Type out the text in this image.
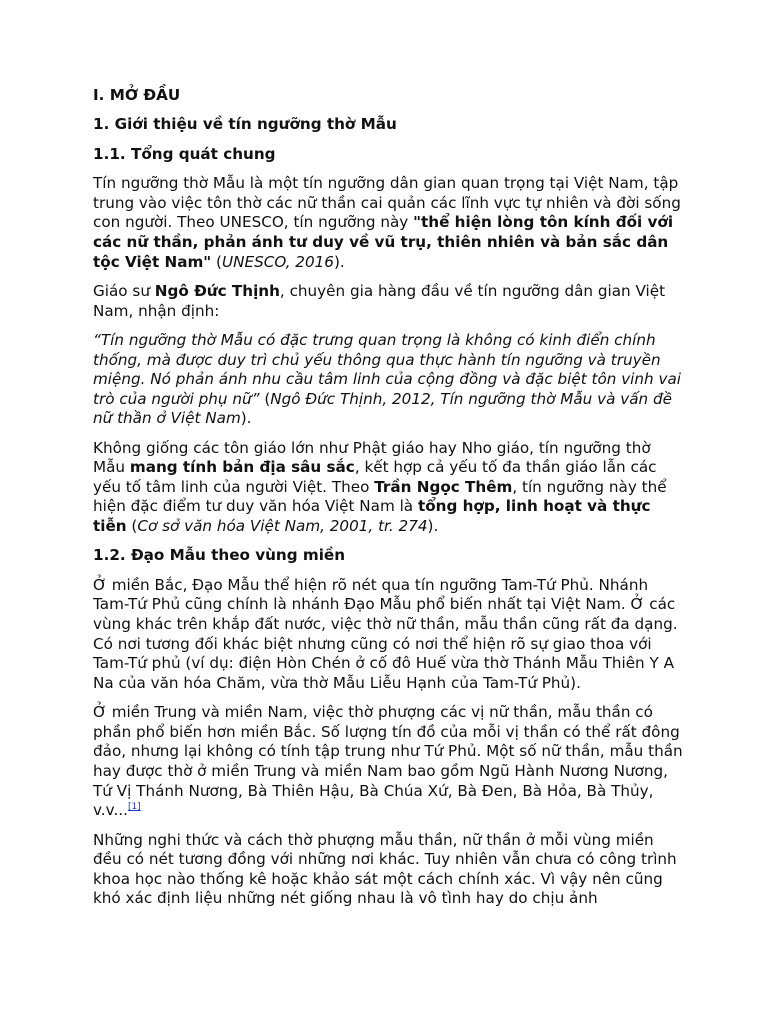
I. MỞ ĐẦU
1. Giới thiệu về tín ngưỡng thờ Mẫu
1.1. Tổng quát chung

Tín ngưỡng thờ Mẫu là một tín ngưỡng dân gian quan trọng tại Việt Nam, tập trung vào việc tôn thờ các nữ thần cai quản các lĩnh vực tự nhiên và đời sống con người. Theo UNESCO, tín ngưỡng này "thể hiện lòng tôn kính đối với các nữ thần, phản ánh tư duy về vũ trụ, thiên nhiên và bản sắc dân tộc Việt Nam" (UNESCO, 2016).

Giáo sư Ngô Đức Thịnh, chuyên gia hàng đầu về tín ngưỡng dân gian Việt Nam, nhận định:

“Tín ngưỡng thờ Mẫu có đặc trưng quan trọng là không có kinh điển chính thống, mà được duy trì chủ yếu thông qua thực hành tín ngưỡng và truyền miệng. Nó phản ánh nhu cầu tâm linh của cộng đồng và đặc biệt tôn vinh vai trò của người phụ nữ” (Ngô Đức Thịnh, 2012, Tín ngưỡng thờ Mẫu và vấn đề nữ thần ở Việt Nam).

Không giống các tôn giáo lớn như Phật giáo hay Nho giáo, tín ngưỡng thờ Mẫu mang tính bản địa sâu sắc, kết hợp cả yếu tố đa thần giáo lẫn các yếu tố tâm linh của người Việt. Theo Trần Ngọc Thêm, tín ngưỡng này thể hiện đặc điểm tư duy văn hóa Việt Nam là tổng hợp, linh hoạt và thực tiễn (Cơ sở văn hóa Việt Nam, 2001, tr. 274).

1.2. Đạo Mẫu theo vùng miền

Ở miền Bắc, Đạo Mẫu thể hiện rõ nét qua tín ngưỡng Tam-Tứ Phủ. Nhánh Tam-Tứ Phủ cũng chính là nhánh Đạo Mẫu phổ biến nhất tại Việt Nam. Ở các vùng khác trên khắp đất nước, việc thờ nữ thần, mẫu thần cũng rất đa dạng. Có nơi tương đối khác biệt nhưng cũng có nơi thể hiện rõ sự giao thoa với Tam-Tứ phủ (ví dụ: điện Hòn Chén ở cố đô Huế vừa thờ Thánh Mẫu Thiên Y A Na của văn hóa Chăm, vừa thờ Mẫu Liễu Hạnh của Tam-Tứ Phủ).

Ở miền Trung và miền Nam, việc thờ phượng các vị nữ thần, mẫu thần có phần phổ biến hơn miền Bắc. Số lượng tín đồ của mỗi vị thần có thể rất đông đảo, nhưng lại không có tính tập trung như Tứ Phủ. Một số nữ thần, mẫu thần hay được thờ ở miền Trung và miền Nam bao gồm Ngũ Hành Nương Nương, Tứ Vị Thánh Nương, Bà Thiên Hậu, Bà Chúa Xứ, Bà Đen, Bà Hỏa, Bà Thủy, v.v...[1]

Những nghi thức và cách thờ phượng mẫu thần, nữ thần ở mỗi vùng miền đều có nét tương đồng với những nơi khác. Tuy nhiên vẫn chưa có công trình khoa học nào thống kê hoặc khảo sát một cách chính xác. Vì vậy nên cũng khó xác định liệu những nét giống nhau là vô tình hay do chịu ảnh
